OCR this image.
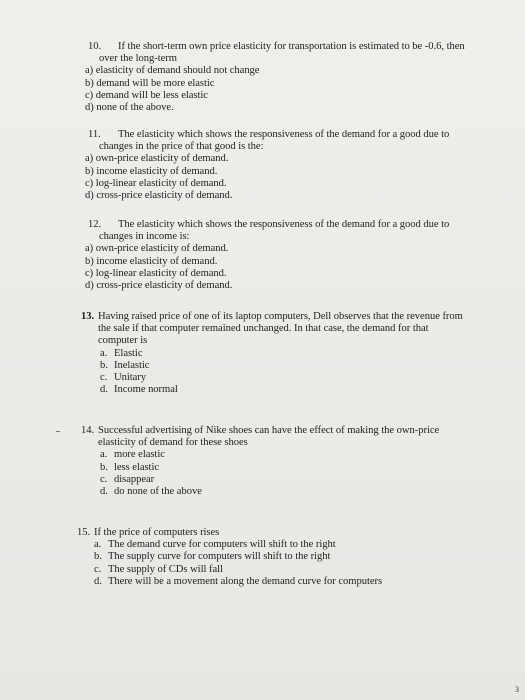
10. If the short-term own price elasticity for transportation is estimated to be -0.6, then
over the long-term
a) elasticity of demand should not change
b) demand will be more elastic
c) demand will be less elastic
d) none of the above.
11. The elasticity which shows the responsiveness of the demand for a good due to
changes in the price of that good is the:
a) own-price elasticity of demand.
b) income elasticity of demand.
c) log-linear elasticity of demand.
d) cross-price elasticity of demand.
12. The elasticity which shows the responsiveness of the demand for a good due to
changes in income is:
a) own-price elasticity of demand.
b) income elasticity of demand.
c) log-linear elasticity of demand.
d) cross-price elasticity of demand.
13. Having raised price of one of its laptop computers, Dell observes that the revenue from
the sale if that computer remained unchanged. In that case, the demand for that
computer is
a. Elastic
b. Inelastic
c. Unitary
d. Income normal
14. Successful advertising of Nike shoes can have the effect of making the own-price
elasticity of demand for these shoes
a. more elastic
b. less elastic
c. disappear
d. do none of the above
15. If the price of computers rises
a. The demand curve for computers will shift to the right
b. The supply curve for computers will shift to the right
c. The supply of CDs will fall
d. There will be a movement along the demand curve for computers
3
